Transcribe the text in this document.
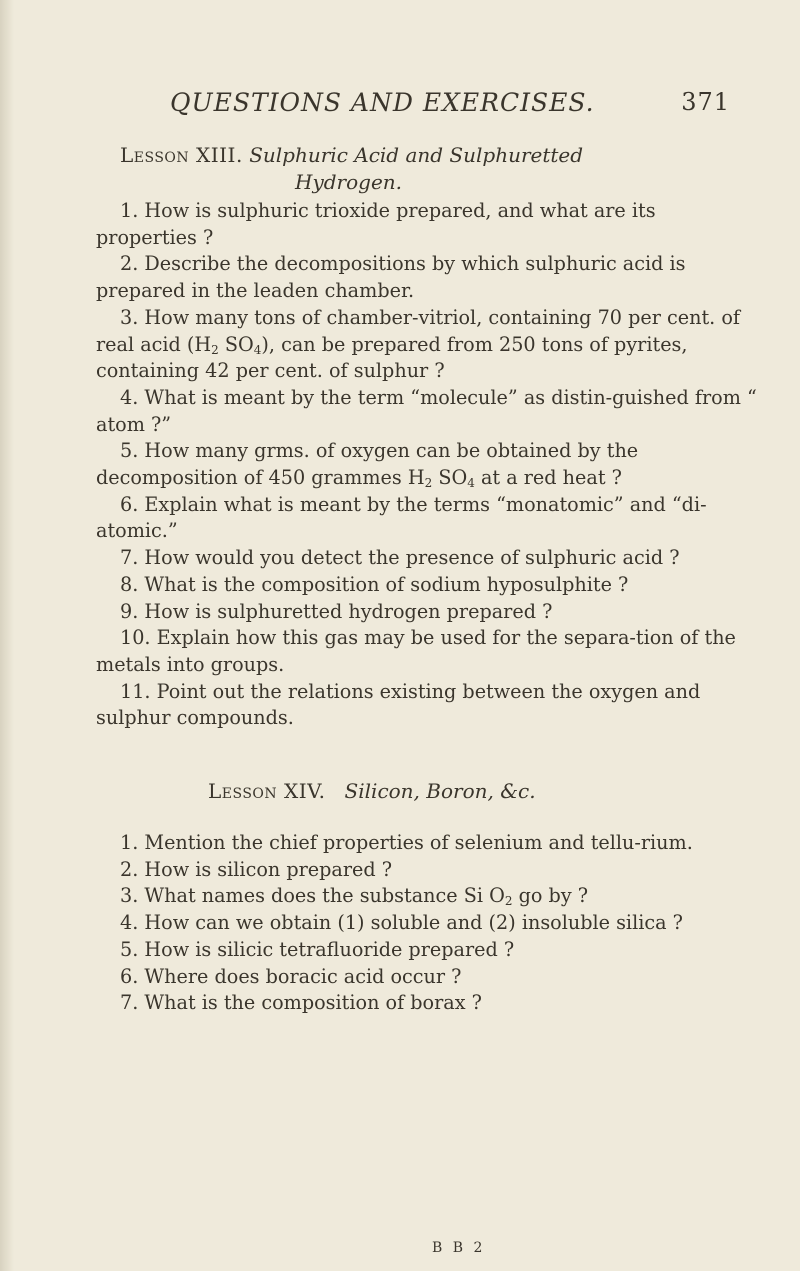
QUESTIONS AND EXERCISES.	371
Lesson XIII. Sulphuric Acid and Sulphuretted
Hydrogen.

1. How is sulphuric trioxide prepared, and what are its properties ?

2. Describe the decompositions by which sulphuric acid is prepared in the leaden chamber.

3. How many tons of chamber-vitriol, containing 70 per cent. of real acid ($H_2$ $SO_4$), can be prepared from 250 tons of pyrites, containing 42 per cent. of sulphur ?

4. What is meant by the term “molecule” as distin-guished from “ atom ?”

5. How many grms. of oxygen can be obtained by the decomposition of 450 grammes $H_2$ $SO_4$ at a red heat ?

6. Explain what is meant by the terms “monatomic” and “di-atomic.”

7. How would you detect the presence of sulphuric acid ?

8. What is the composition of sodium hyposulphite ?

9. How is sulphuretted hydrogen prepared ?

10. Explain how this gas may be used for the separa-tion of the metals into groups.

11. Point out the relations existing between the oxygen and sulphur compounds.

Lesson XIV. Silicon, Boron, &c.

1. Mention the chief properties of selenium and tellu-rium.

2. How is silicon prepared ?

3. What names does the substance Si $O_2$ go by ?

4. How can we obtain (1) soluble and (2) insoluble silica ?

5. How is silicic tetrafluoride prepared ?

6. Where does boracic acid occur ?

7. What is the composition of borax ?

B B 2
